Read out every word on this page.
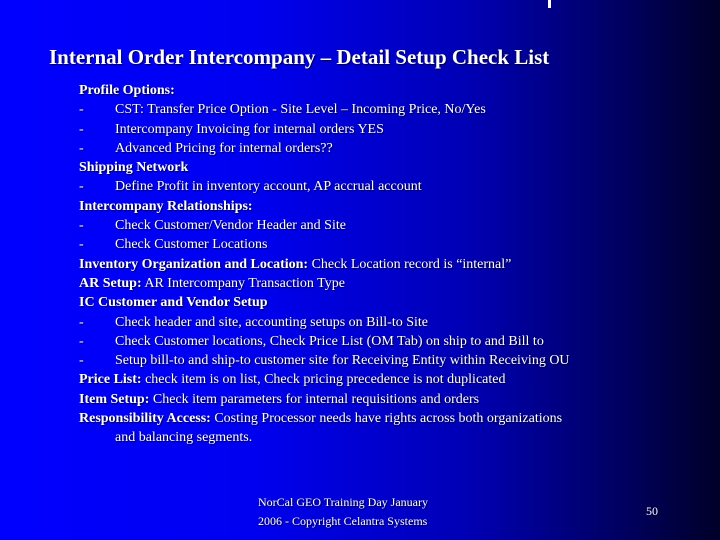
Internal Order Intercompany – Detail Setup Check List
Profile Options:
- CST: Transfer Price Option - Site Level – Incoming Price, No/Yes
- Intercompany Invoicing for internal orders YES
- Advanced Pricing for internal orders??
Shipping Network
- Define Profit in inventory account, AP accrual account
Intercompany Relationships:
- Check Customer/Vendor Header and Site
- Check Customer Locations
Inventory Organization and Location: Check Location record is “internal”
AR Setup: AR Intercompany Transaction Type
IC Customer and Vendor Setup
- Check header and site, accounting setups on Bill-to Site
- Check Customer locations, Check Price List (OM Tab) on ship to and Bill to
- Setup bill-to and ship-to customer site for Receiving Entity within Receiving OU
Price List: check item is on list, Check pricing precedence is not duplicated
Item Setup: Check item parameters for internal requisitions and orders
Responsibility Access: Costing Processor needs have rights across both organizations
and balancing segments.
NorCal GEO Training Day January
2006 - Copyright Celantra Systems
50
